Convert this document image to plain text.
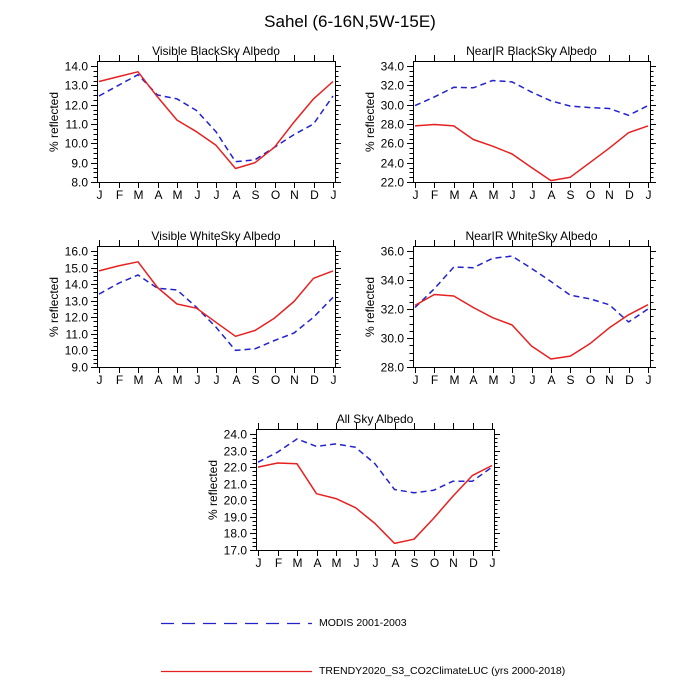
Sahel (6-16N,5W-15E)
Visible BlackSky Albedo
% reflected
8.0
9.0
10.0
11.0
12.0
13.0
14.0
J F M A M J J A S O N D J
NearIR BlackSky Albedo
% reflected
22.0
24.0
26.0
28.0
30.0
32.0
34.0
J F M A M J J A S O N D J
Visible WhiteSky Albedo
% reflected
9.0
10.0
11.0
12.0
13.0
14.0
15.0
16.0
J F M A M J J A S O N D J
NearIR WhiteSky Albedo
% reflected
28.0
30.0
32.0
34.0
36.0
J F M A M J J A S O N D J
All Sky Albedo
% reflected
17.0
18.0
19.0
20.0
21.0
22.0
23.0
24.0
J F M A M J J A S O N D J
MODIS 2001-2003
TRENDY2020_S3_CO2ClimateLUC (yrs 2000-2018)
